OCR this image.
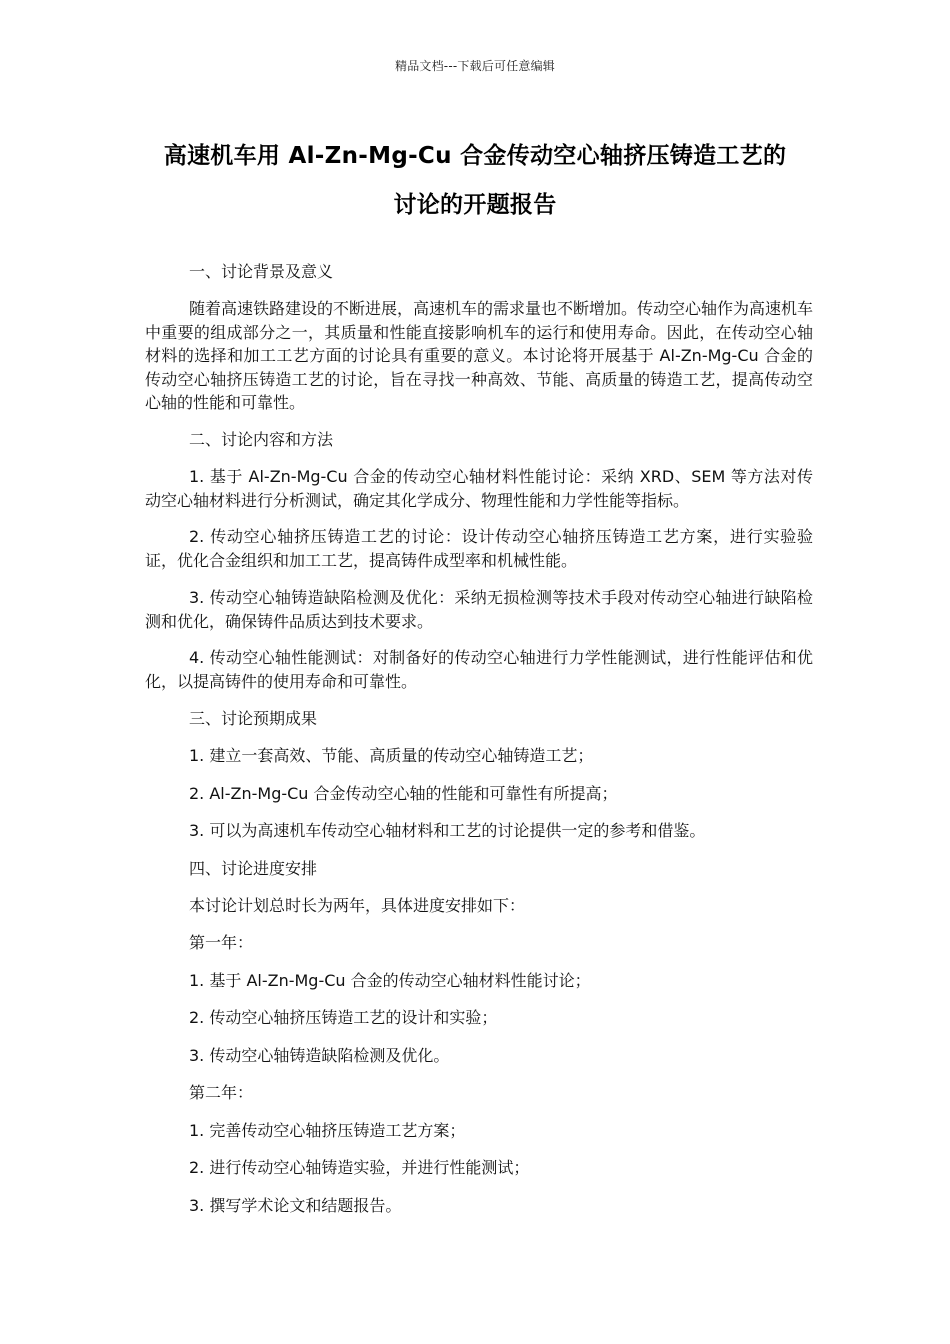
精品文档---下载后可任意编辑
高速机车用 Al-Zn-Mg-Cu 合金传动空心轴挤压铸造工艺的
讨论的开题报告
一、讨论背景及意义

随着高速铁路建设的不断进展，高速机车的需求量也不断增加。传动空心轴作为高速机车中重要的组成部分之一，其质量和性能直接影响机车的运行和使用寿命。因此，在传动空心轴材料的选择和加工工艺方面的讨论具有重要的意义。本讨论将开展基于 Al-Zn-Mg-Cu 合金的传动空心轴挤压铸造工艺的讨论，旨在寻找一种高效、节能、高质量的铸造工艺，提高传动空心轴的性能和可靠性。

二、讨论内容和方法

1. 基于 Al-Zn-Mg-Cu 合金的传动空心轴材料性能讨论：采纳 XRD、SEM 等方法对传动空心轴材料进行分析测试，确定其化学成分、物理性能和力学性能等指标。

2. 传动空心轴挤压铸造工艺的讨论：设计传动空心轴挤压铸造工艺方案，进行实验验证，优化合金组织和加工工艺，提高铸件成型率和机械性能。

3. 传动空心轴铸造缺陷检测及优化：采纳无损检测等技术手段对传动空心轴进行缺陷检测和优化，确保铸件品质达到技术要求。

4. 传动空心轴性能测试：对制备好的传动空心轴进行力学性能测试，进行性能评估和优化，以提高铸件的使用寿命和可靠性。

三、讨论预期成果
1. 建立一套高效、节能、高质量的传动空心轴铸造工艺；
2. Al-Zn-Mg-Cu 合金传动空心轴的性能和可靠性有所提高；
3. 可以为高速机车传动空心轴材料和工艺的讨论提供一定的参考和借鉴。
四、讨论进度安排
本讨论计划总时长为两年，具体进度安排如下：
第一年：
1. 基于 Al-Zn-Mg-Cu 合金的传动空心轴材料性能讨论；
2. 传动空心轴挤压铸造工艺的设计和实验；
3. 传动空心轴铸造缺陷检测及优化。
第二年：
1. 完善传动空心轴挤压铸造工艺方案；
2. 进行传动空心轴铸造实验，并进行性能测试；
3. 撰写学术论文和结题报告。
